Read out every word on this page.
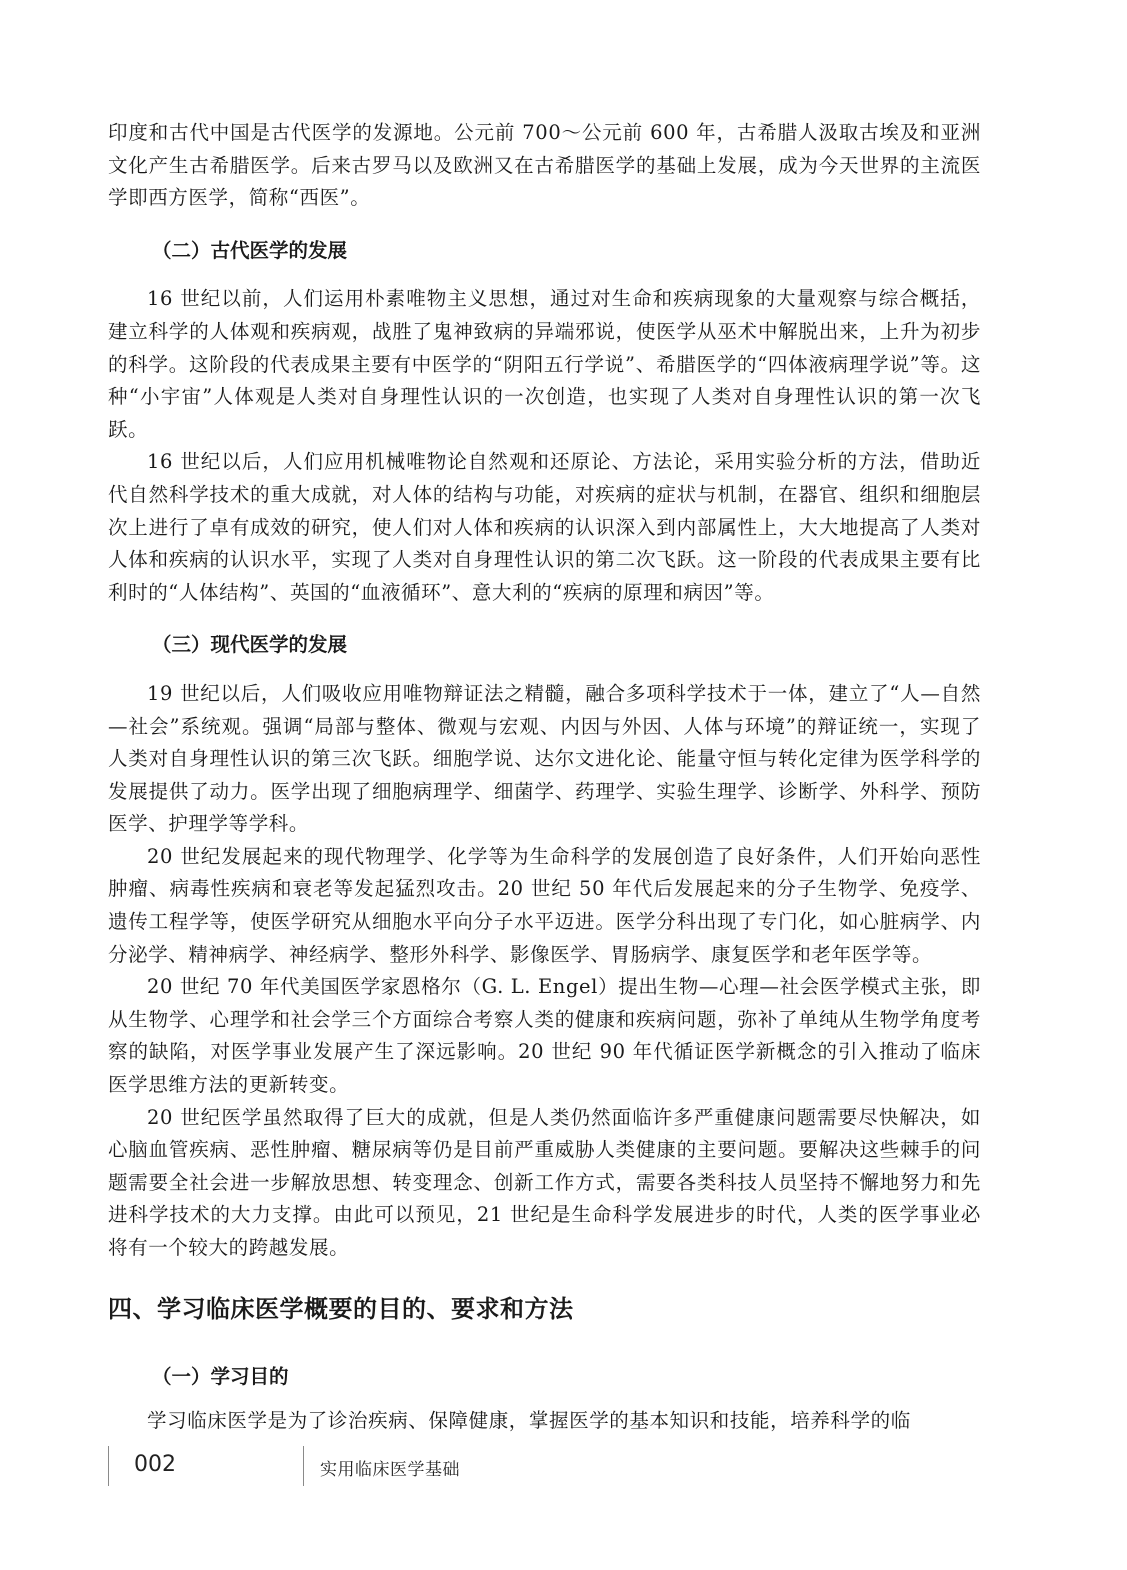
印度和古代中国是古代医学的发源地。公元前 700～公元前 600 年，古希腊人汲取古埃及和亚洲文化产生古希腊医学。后来古罗马以及欧洲又在古希腊医学的基础上发展，成为今天世界的主流医学即西方医学，简称“西医”。

（二）古代医学的发展

16 世纪以前，人们运用朴素唯物主义思想，通过对生命和疾病现象的大量观察与综合概括，建立科学的人体观和疾病观，战胜了鬼神致病的异端邪说，使医学从巫术中解脱出来，上升为初步的科学。这阶段的代表成果主要有中医学的“阴阳五行学说”、希腊医学的“四体液病理学说”等。这种“小宇宙”人体观是人类对自身理性认识的一次创造，也实现了人类对自身理性认识的第一次飞跃。

16 世纪以后，人们应用机械唯物论自然观和还原论、方法论，采用实验分析的方法，借助近代自然科学技术的重大成就，对人体的结构与功能，对疾病的症状与机制，在器官、组织和细胞层次上进行了卓有成效的研究，使人们对人体和疾病的认识深入到内部属性上，大大地提高了人类对人体和疾病的认识水平，实现了人类对自身理性认识的第二次飞跃。这一阶段的代表成果主要有比利时的“人体结构”、英国的“血液循环”、意大利的“疾病的原理和病因”等。

（三）现代医学的发展

19 世纪以后，人们吸收应用唯物辩证法之精髓，融合多项科学技术于一体，建立了“人—自然—社会”系统观。强调“局部与整体、微观与宏观、内因与外因、人体与环境”的辩证统一，实现了人类对自身理性认识的第三次飞跃。细胞学说、达尔文进化论、能量守恒与转化定律为医学科学的发展提供了动力。医学出现了细胞病理学、细菌学、药理学、实验生理学、诊断学、外科学、预防医学、护理学等学科。

20 世纪发展起来的现代物理学、化学等为生命科学的发展创造了良好条件，人们开始向恶性肿瘤、病毒性疾病和衰老等发起猛烈攻击。20 世纪 50 年代后发展起来的分子生物学、免疫学、遗传工程学等，使医学研究从细胞水平向分子水平迈进。医学分科出现了专门化，如心脏病学、内分泌学、精神病学、神经病学、整形外科学、影像医学、胃肠病学、康复医学和老年医学等。

20 世纪 70 年代美国医学家恩格尔（G. L. Engel）提出生物—心理—社会医学模式主张，即从生物学、心理学和社会学三个方面综合考察人类的健康和疾病问题，弥补了单纯从生物学角度考察的缺陷，对医学事业发展产生了深远影响。20 世纪 90 年代循证医学新概念的引入推动了临床医学思维方法的更新转变。

20 世纪医学虽然取得了巨大的成就，但是人类仍然面临许多严重健康问题需要尽快解决，如心脑血管疾病、恶性肿瘤、糖尿病等仍是目前严重威胁人类健康的主要问题。要解决这些棘手的问题需要全社会进一步解放思想、转变理念、创新工作方式，需要各类科技人员坚持不懈地努力和先进科学技术的大力支撑。由此可以预见，21 世纪是生命科学发展进步的时代，人类的医学事业必将有一个较大的跨越发展。

四、学习临床医学概要的目的、要求和方法
（一）学习目的

学习临床医学是为了诊治疾病、保障健康，掌握医学的基本知识和技能，培养科学的临

002	实用临床医学基础
